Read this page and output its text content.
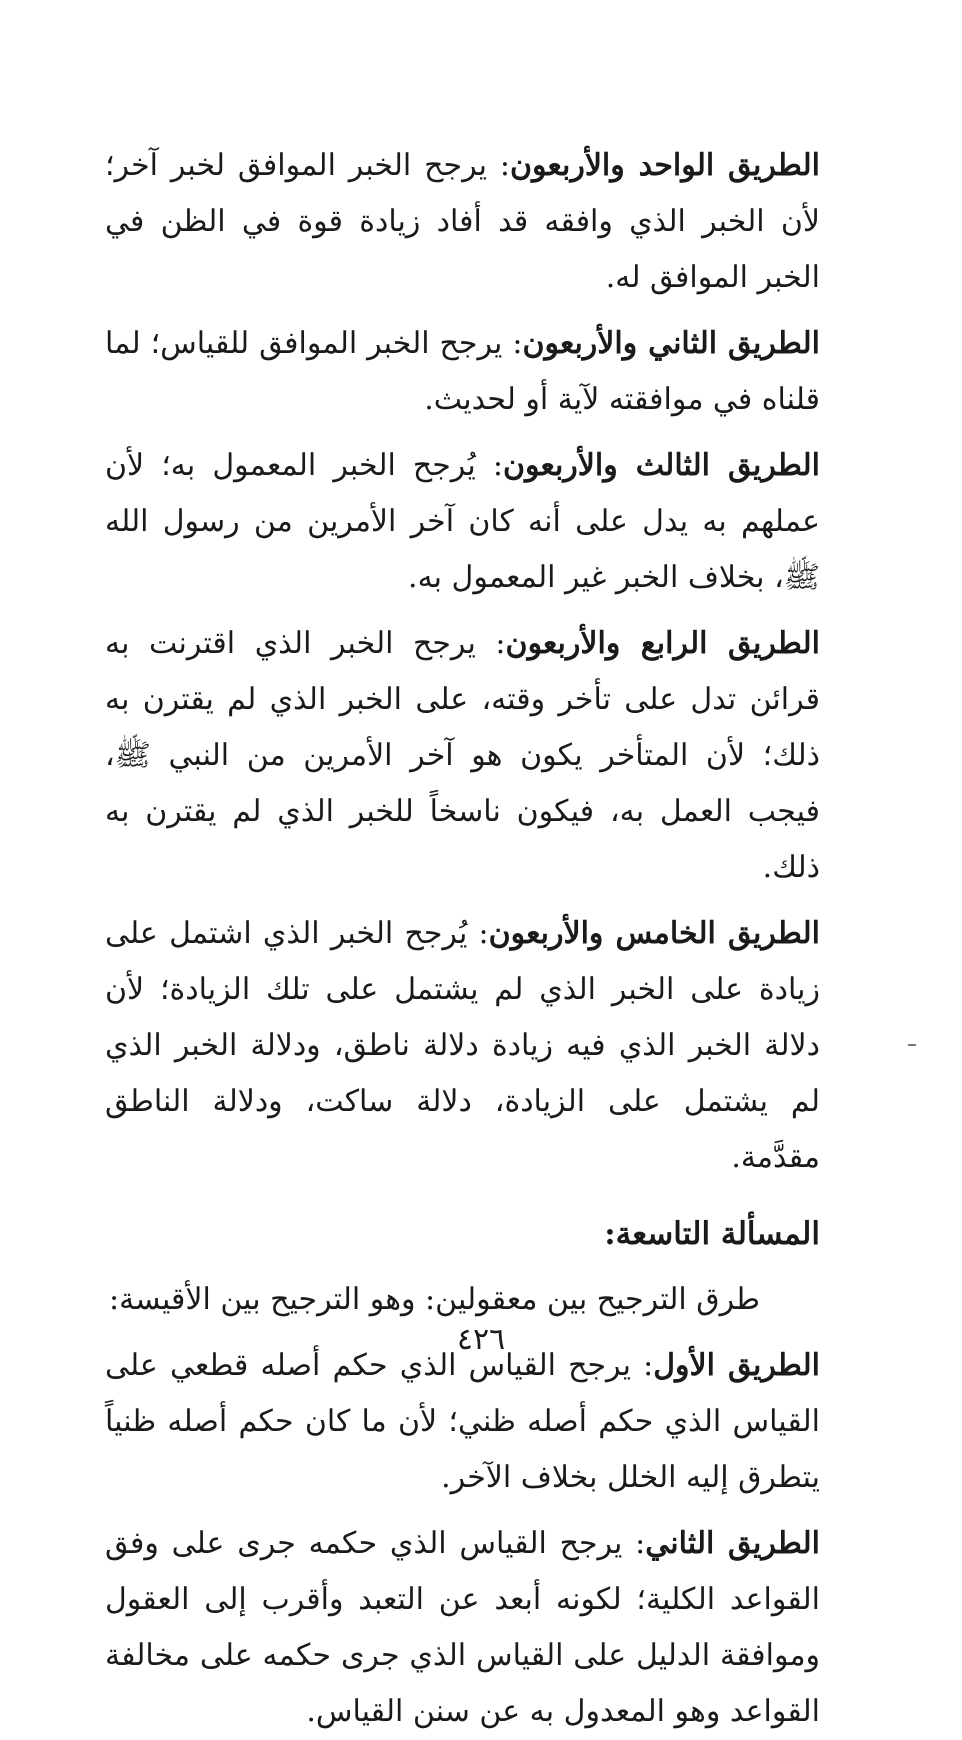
الطريق الواحد والأربعون: يرجح الخبر الموافق لخبر آخر؛ لأن الخبر الذي وافقه قد أفاد زيادة قوة في الظن في الخبر الموافق له.

الطريق الثاني والأربعون: يرجح الخبر الموافق للقياس؛ لما قلناه في موافقته لآية أو لحديث.

الطريق الثالث والأربعون: يُرجح الخبر المعمول به؛ لأن عملهم به يدل على أنه كان آخر الأمرين من رسول الله ﷺ، بخلاف الخبر غير المعمول به.

الطريق الرابع والأربعون: يرجح الخبر الذي اقترنت به قرائن تدل على تأخر وقته، على الخبر الذي لم يقترن به ذلك؛ لأن المتأخر يكون هو آخر الأمرين من النبي ﷺ، فيجب العمل به، فيكون ناسخاً للخبر الذي لم يقترن به ذلك.

الطريق الخامس والأربعون: يُرجح الخبر الذي اشتمل على زيادة على الخبر الذي لم يشتمل على تلك الزيادة؛ لأن دلالة الخبر الذي فيه زيادة دلالة ناطق، ودلالة الخبر الذي لم يشتمل على الزيادة، دلالة ساكت، ودلالة الناطق مقدَّمة.

المسألة التاسعة:

طرق الترجيح بين معقولين: وهو الترجيح بين الأقيسة:

الطريق الأول: يرجح القياس الذي حكم أصله قطعي على القياس الذي حكم أصله ظني؛ لأن ما كان حكم أصله ظنياً يتطرق إليه الخلل بخلاف الآخر.

الطريق الثاني: يرجح القياس الذي حكمه جرى على وفق القواعد الكلية؛ لكونه أبعد عن التعبد وأقرب إلى العقول وموافقة الدليل على القياس الذي جرى حكمه على مخالفة القواعد وهو المعدول به عن سنن القياس.

٤٢٦
